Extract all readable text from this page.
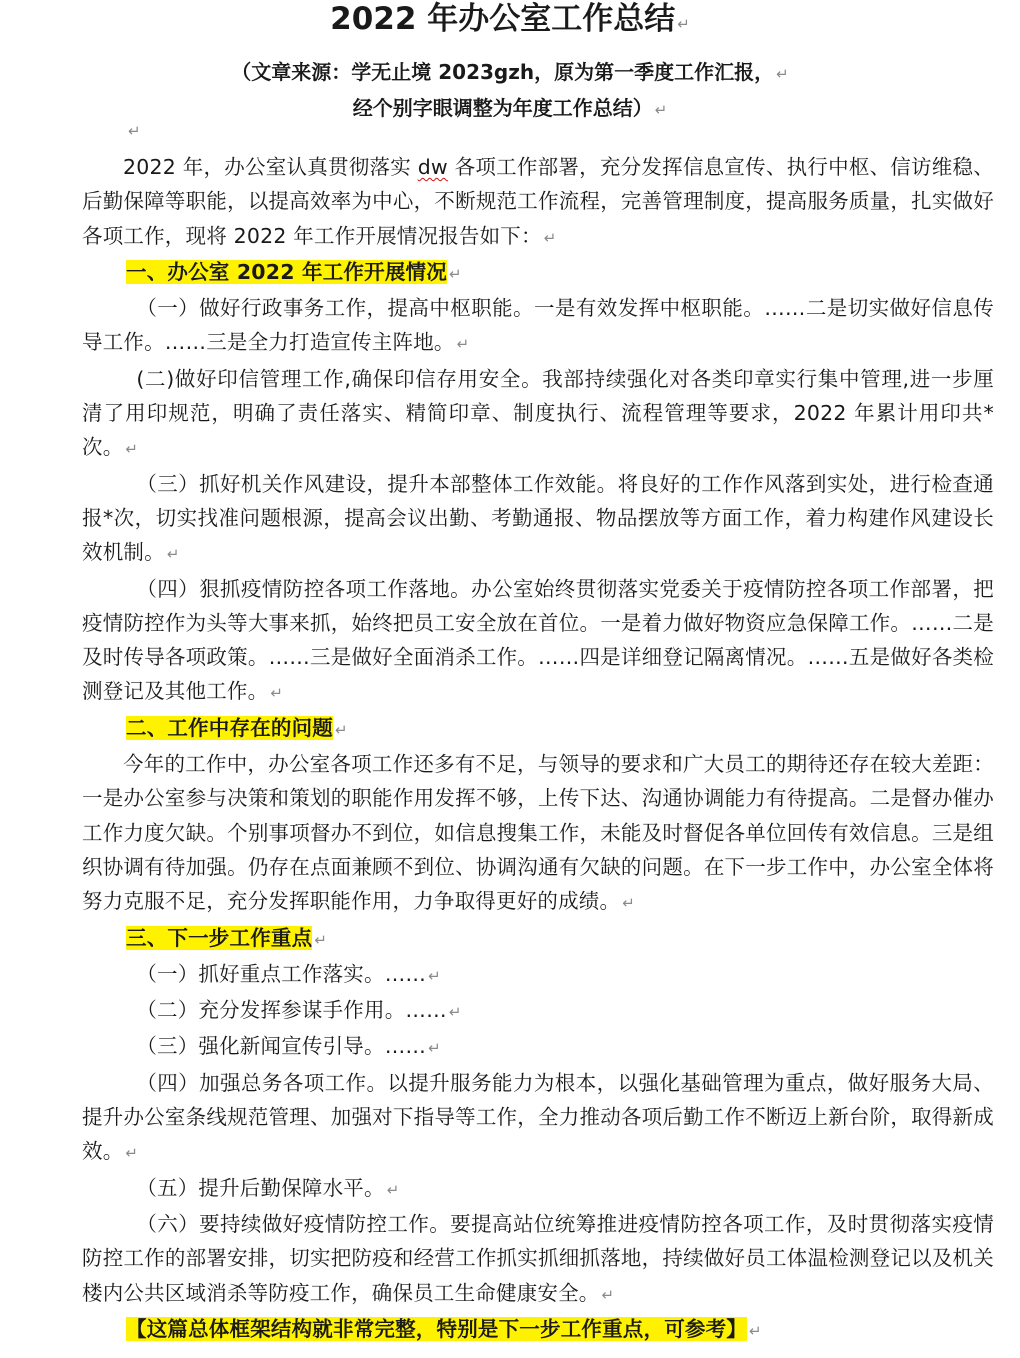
2022 年办公室工作总结 ↵

（文章来源：学无止境 2023gzh，原为第一季度工作汇报， ↵
经个别字眼调整为年度工作总结） ↵

↵

2022 年，办公室认真贯彻落实 dw 各项工作部署，充分发挥信息宣传、执行中枢、信访维稳、后勤保障等职能，以提高效率为中心，不断规范工作流程，完善管理制度，提高服务质量，扎实做好各项工作，现将 2022 年工作开展情况报告如下： ↵

一、办公室 2022 年工作开展情况 ↵

（一）做好行政事务工作，提高中枢职能。一是有效发挥中枢职能。……二是切实做好信息传导工作。……三是全力打造宣传主阵地。 ↵

(二)做好印信管理工作,确保印信存用安全。我部持续强化对各类印章实行集中管理,进一步厘清了用印规范，明确了责任落实、精简印章、制度执行、流程管理等要求，2022 年累计用印共*次。 ↵

（三）抓好机关作风建设，提升本部整体工作效能。将良好的工作作风落到实处，进行检查通报*次，切实找准问题根源，提高会议出勤、考勤通报、物品摆放等方面工作，着力构建作风建设长效机制。 ↵

（四）狠抓疫情防控各项工作落地。办公室始终贯彻落实党委关于疫情防控各项工作部署，把疫情防控作为头等大事来抓，始终把员工安全放在首位。一是着力做好物资应急保障工作。……二是及时传导各项政策。……三是做好全面消杀工作。……四是详细登记隔离情况。……五是做好各类检测登记及其他工作。 ↵

二、工作中存在的问题 ↵

今年的工作中，办公室各项工作还多有不足，与领导的要求和广大员工的期待还存在较大差距：一是办公室参与决策和策划的职能作用发挥不够，上传下达、沟通协调能力有待提高。二是督办催办工作力度欠缺。个别事项督办不到位，如信息搜集工作，未能及时督促各单位回传有效信息。三是组织协调有待加强。仍存在点面兼顾不到位、协调沟通有欠缺的问题。在下一步工作中，办公室全体将努力克服不足，充分发挥职能作用，力争取得更好的成绩。 ↵

三、下一步工作重点 ↵

（一）抓好重点工作落实。…… ↵

（二）充分发挥参谋手作用。…… ↵

（三）强化新闻宣传引导。…… ↵

（四）加强总务各项工作。以提升服务能力为根本，以强化基础管理为重点，做好服务大局、提升办公室条线规范管理、加强对下指导等工作，全力推动各项后勤工作不断迈上新台阶，取得新成效。 ↵

（五）提升后勤保障水平。 ↵

（六）要持续做好疫情防控工作。要提高站位统筹推进疫情防控各项工作，及时贯彻落实疫情防控工作的部署安排，切实把防疫和经营工作抓实抓细抓落地，持续做好员工体温检测登记以及机关楼内公共区域消杀等防疫工作，确保员工生命健康安全。 ↵

【这篇总体框架结构就非常完整，特别是下一步工作重点，可参考】 ↵
